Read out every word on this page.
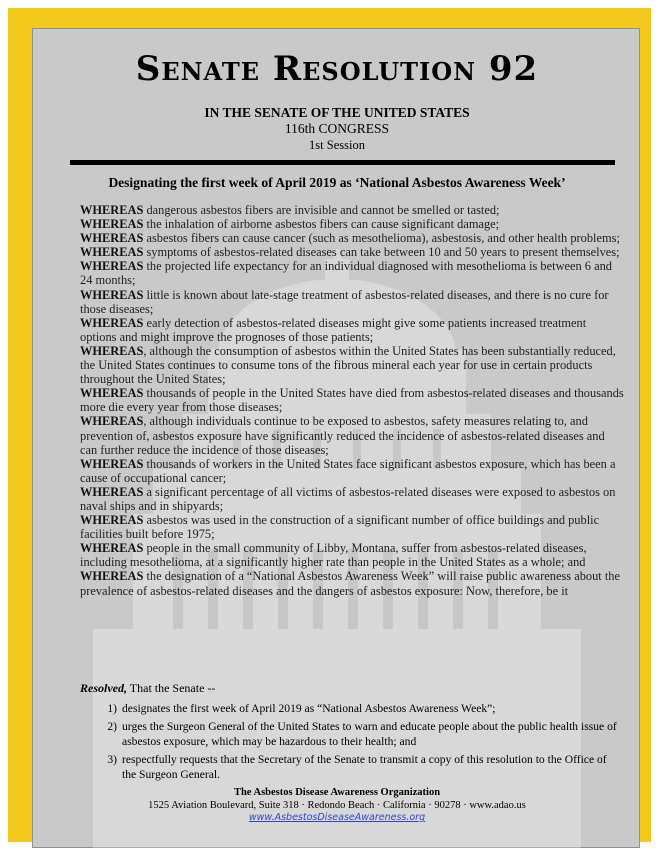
Senate Resolution 92
IN THE SENATE OF THE UNITED STATES
116th CONGRESS
1st Session
Designating the first week of April 2019 as ‘National Asbestos Awareness Week’

WHEREAS dangerous asbestos fibers are invisible and cannot be smelled or tasted;

WHEREAS the inhalation of airborne asbestos fibers can cause significant damage;

WHEREAS asbestos fibers can cause cancer (such as mesothelioma), asbestosis, and other health problems;

WHEREAS symptoms of asbestos-related diseases can take between 10 and 50 years to present themselves;

WHEREAS the projected life expectancy for an individual diagnosed with mesothelioma is between 6 and 24 months;

WHEREAS little is known about late-stage treatment of asbestos-related diseases, and there is no cure for those diseases;

WHEREAS early detection of asbestos-related diseases might give some patients increased treatment options and might improve the prognoses of those patients;

WHEREAS, although the consumption of asbestos within the United States has been substantially reduced, the United States continues to consume tons of the fibrous mineral each year for use in certain products throughout the United States;

WHEREAS thousands of people in the United States have died from asbestos-related diseases and thousands more die every year from those diseases;

WHEREAS, although individuals continue to be exposed to asbestos, safety measures relating to, and prevention of, asbestos exposure have significantly reduced the incidence of asbestos-related diseases and can further reduce the incidence of those diseases;

WHEREAS thousands of workers in the United States face significant asbestos exposure, which has been a cause of occupational cancer;

WHEREAS a significant percentage of all victims of asbestos-related diseases were exposed to asbestos on naval ships and in shipyards;

WHEREAS asbestos was used in the construction of a significant number of office buildings and public facilities built before 1975;

WHEREAS people in the small community of Libby, Montana, suffer from asbestos-related diseases, including mesothelioma, at a significantly higher rate than people in the United States as a whole; and

WHEREAS the designation of a “National Asbestos Awareness Week” will raise public awareness about the prevalence of asbestos-related diseases and the dangers of asbestos exposure: Now, therefore, be it

Resolved, That the Senate --
1) designates the first week of April 2019 as “National Asbestos Awareness Week”;
2) urges the Surgeon General of the United States to warn and educate people about the public health issue of asbestos exposure, which may be hazardous to their health; and
3) respectfully requests that the Secretary of the Senate to transmit a copy of this resolution to the Office of the Surgeon General.
The Asbestos Disease Awareness Organization
1525 Aviation Boulevard, Suite 318 · Redondo Beach · California · 90278 · www.adao.us
www.AsbestosDiseaseAwareness.org
